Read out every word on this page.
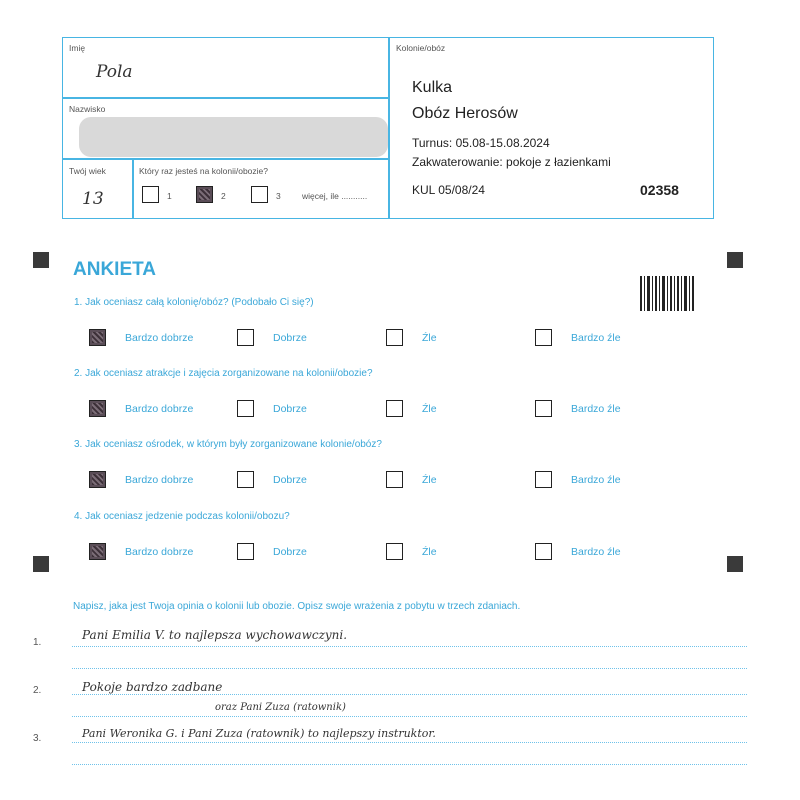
Imię
Pola
Nazwisko
Twój wiek
13
Który raz jesteś na kolonii/obozie?
1	2	3	więcej, ile ...........
Kolonie/obóz
Kulka
Obóz Herosów
Turnus: 05.08-15.08.2024
Zakwaterowanie: pokoje z łazienkami
KUL 05/08/24	02358
ANKIETA
1. Jak oceniasz całą kolonię/obóz? (Podobało Ci się?)
Bardzo dobrze	Dobrze	Źle	Bardzo źle
2. Jak oceniasz atrakcje i zajęcia zorganizowane na kolonii/obozie?
Bardzo dobrze	Dobrze	Źle	Bardzo źle
3. Jak oceniasz ośrodek, w którym były zorganizowane kolonie/obóz?
Bardzo dobrze	Dobrze	Źle	Bardzo źle
4. Jak oceniasz jedzenie podczas kolonii/obozu?
Bardzo dobrze	Dobrze	Źle	Bardzo źle
Napisz, jaka jest Twoja opinia o kolonii lub obozie. Opisz swoje wrażenia z pobytu w trzech zdaniach.
1.
Pani Emilia V. to najlepsza wychowawczyni.
2.	Pokoje bardzo zadbane
oraz Pani Zuza (ratownik)
3.	Pani Weronika G. i Pani Zuza (ratownik) to najlepszy instruktor.
